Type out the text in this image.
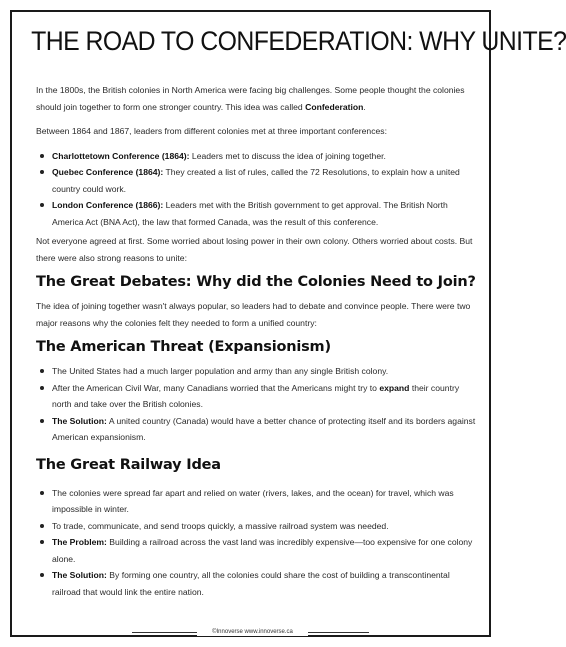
THE ROAD TO CONFEDERATION: WHY UNITE?

In the 1800s, the British colonies in North America were facing big challenges. Some people thought the colonies should join together to form one stronger country. This idea was called Confederation.

Between 1864 and 1867, leaders from different colonies met at three important conferences:

Charlottetown Conference (1864): Leaders met to discuss the idea of joining together.
Quebec Conference (1864): They created a list of rules, called the 72 Resolutions, to explain how a united country could work.
London Conference (1866): Leaders met with the British government to get approval. The British North America Act (BNA Act), the law that formed Canada, was the result of this conference.

Not everyone agreed at first. Some worried about losing power in their own colony. Others worried about costs. But there were also strong reasons to unite:

The Great Debates: Why did the Colonies Need to Join?

The idea of joining together wasn't always popular, so leaders had to debate and convince people. There were two major reasons why the colonies felt they needed to form a unified country:

The American Threat (Expansionism)
The United States had a much larger population and army than any single British colony.
After the American Civil War, many Canadians worried that the Americans might try to expand their country north and take over the British colonies.
The Solution: A united country (Canada) would have a better chance of protecting itself and its borders against American expansionism.
The Great Railway Idea
The colonies were spread far apart and relied on water (rivers, lakes, and the ocean) for travel, which was impossible in winter.
To trade, communicate, and send troops quickly, a massive railroad system was needed.
The Problem: Building a railroad across the vast land was incredibly expensive—too expensive for one colony alone.
The Solution: By forming one country, all the colonies could share the cost of building a transcontinental railroad that would link the entire nation.
©Innoverse www.innoverse.ca
